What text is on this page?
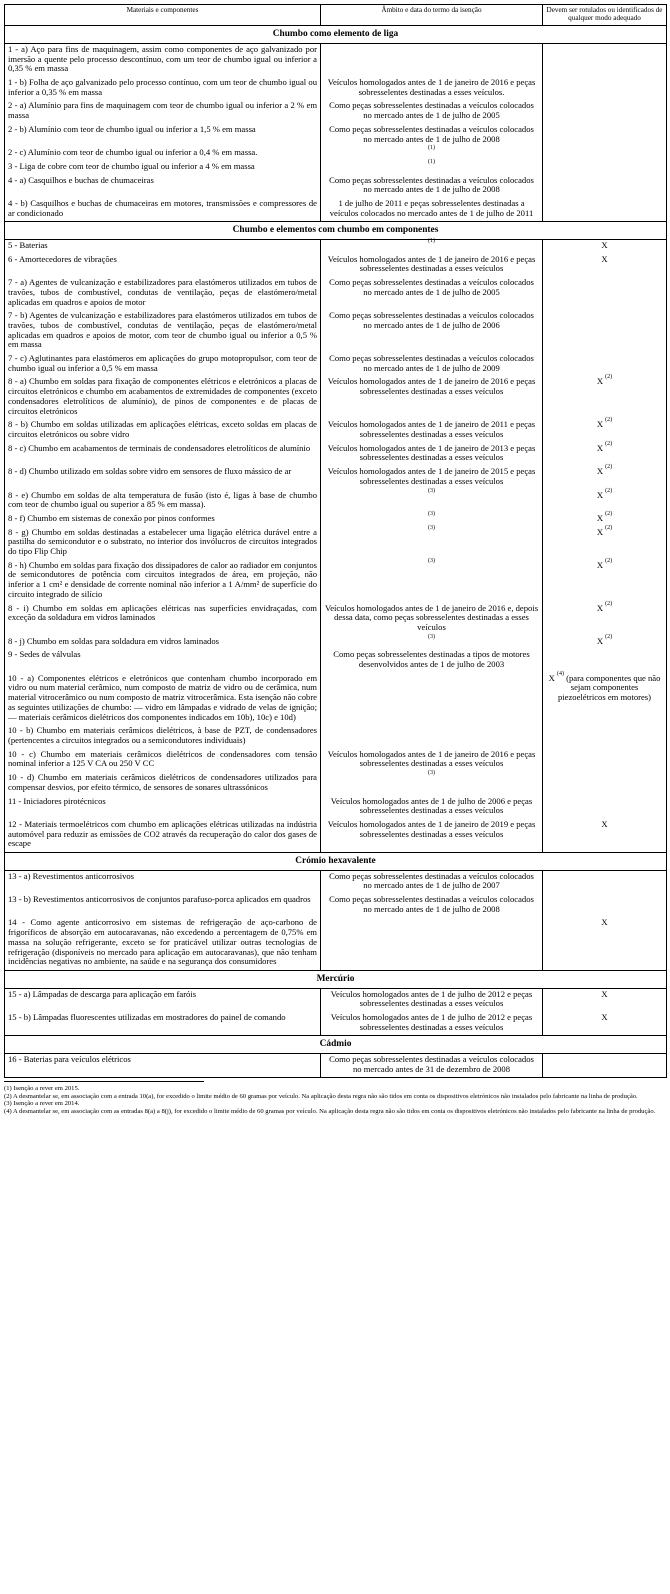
Materiais e componentes	Âmbito e data do termo da isenção	Devem ser rotulados ou identificados de qualquer modo adequado
Chumbo como elemento de liga		
1 - a) Aço para fins de maquinagem, assim como componentes de aço galvanizado por imersão a quente pelo processo descontínuo, com um teor de chumbo igual ou inferior a 0,35 % em massa		
1 - b) Folha de aço galvanizado pelo processo contínuo, com um teor de chumbo igual ou inferior a 0,35 % em massa	Veículos homologados antes de 1 de janeiro de 2016 e peças sobresselentes destinadas a esses veículos.	
2 - a) Alumínio para fins de maquinagem com teor de chumbo igual ou inferior a 2 % em massa	Como peças sobresselentes destinadas a veículos colocados no mercado antes de 1 de julho de 2005	
2 - b) Alumínio com teor de chumbo igual ou inferior a 1,5 % em massa	Como peças sobresselentes destinadas a veículos colocados no mercado antes de 1 de julho de 2008	
2 - c) Alumínio com teor de chumbo igual ou inferior a 0,4 % em massa.	$^{(1)}$	
3 - Liga de cobre com teor de chumbo igual ou inferior a 4 % em massa	$^{(1)}$	
4 - a) Casquilhos e buchas de chumaceiras	Como peças sobresselentes destinadas a veículos colocados no mercado antes de 1 de julho de 2008	
4 - b) Casquilhos e buchas de chumaceiras em motores, transmissões e compressores de ar condicionado	1 de julho de 2011 e peças sobresselentes destinadas a veículos colocados no mercado antes de 1 de julho de 2011	
Chumbo e elementos com chumbo em componentes		
5 - Baterias	$^{(1)}$	X
6 - Amortecedores de vibrações	Veículos homologados antes de 1 de janeiro de 2016 e peças sobresselentes destinadas a esses veículos	X
7 - a) Agentes de vulcanização e estabilizadores para elastómeros utilizados em tubos de travões, tubos de combustível, condutas de ventilação, peças de elastómero/metal aplicadas em quadros e apoios de motor	Como peças sobresselentes destinadas a veículos colocados no mercado antes de 1 de julho de 2005	
7 - b) Agentes de vulcanização e estabilizadores para elastómeros utilizados em tubos de travões, tubos de combustível, condutas de ventilação, peças de elastómero/metal aplicadas em quadros e apoios de motor, com teor de chumbo igual ou inferior a 0,5 % em massa	Como peças sobresselentes destinadas a veículos colocados no mercado antes de 1 de julho de 2006	
7 - c) Aglutinantes para elastómeros em aplicações do grupo motopropulsor, com teor de chumbo igual ou inferior a 0,5 % em massa	Como peças sobresselentes destinadas a veículos colocados no mercado antes de 1 de julho de 2009	
8 - a) Chumbo em soldas para fixação de componentes elétricos e eletrónicos a placas de circuitos eletrónicos e chumbo em acabamentos de extremidades de componentes (exceto condensadores eletrolíticos de alumínio), de pinos de componentes e de placas de circuitos eletrónicos	Veículos homologados antes de 1 de janeiro de 2016 e peças sobresselentes destinadas a esses veículos	X $^{(2)}$
8 - b) Chumbo em soldas utilizadas em aplicações elétricas, exceto soldas em placas de circuitos eletrónicos ou sobre vidro	Veículos homologados antes de 1 de janeiro de 2011 e peças sobresselentes destinadas a esses veículos	X $^{(2)}$
8 - c) Chumbo em acabamentos de terminais de condensadores eletrolíticos de alumínio	Veículos homologados antes de 1 de janeiro de 2013 e peças sobresselentes destinadas a esses veículos	X $^{(2)}$
8 - d) Chumbo utilizado em soldas sobre vidro em sensores de fluxo mássico de ar	Veículos homologados antes de 1 de janeiro de 2015 e peças sobresselentes destinadas a esses veículos	X $^{(2)}$
8 - e) Chumbo em soldas de alta temperatura de fusão (isto é, ligas à base de chumbo com teor de chumbo igual ou superior a 85 % em massa).	$^{(3)}$	X $^{(2)}$
8 - f) Chumbo em sistemas de conexão por pinos conformes	$^{(3)}$	X $^{(2)}$
8 - g) Chumbo em soldas destinadas a estabelecer uma ligação elétrica durável entre a pastilha do semicondutor e o substrato, no interior dos invólucros de circuitos integrados do tipo Flip Chip	$^{(3)}$	X $^{(2)}$
8 - h) Chumbo em soldas para fixação dos dissipadores de calor ao radiador em conjuntos de semicondutores de potência com circuitos integrados de área, em projeção, não inferior a 1 cm² e densidade de corrente nominal não inferior a 1 A/mm² de superfície do circuito integrado de silício	$^{(3)}$	X $^{(2)}$
8 - i) Chumbo em soldas em aplicações elétricas nas superfícies envidraçadas, com exceção da soldadura em vidros laminados	Veículos homologados antes de 1 de janeiro de 2016 e, depois dessa data, como peças sobresselentes destinadas a esses veículos	X $^{(2)}$
8 - j) Chumbo em soldas para soldadura em vidros laminados	$^{(3)}$	X $^{(2)}$
9 - Sedes de válvulas	Como peças sobresselentes destinadas a tipos de motores desenvolvidos antes de 1 de julho de 2003	
10 - a) Componentes elétricos e eletrónicos que contenham chumbo incorporado em vidro ou num material cerâmico, num composto de matriz de vidro ou de cerâmica, num material vitrocerâmico ou num composto de matriz vitrocerâmica. Esta isenção não cobre as seguintes utilizações de chumbo: — vidro em lâmpadas e vidrado de velas de ignição; — materiais cerâmicos dielétricos dos componentes indicados em 10b), 10c) e 10d)		X $^{(4)}$ (para componentes que não sejam componentes piezoelétricos em motores)
10 - b) Chumbo em materiais cerâmicos dielétricos, à base de PZT, de condensadores (pertencentes a circuitos integrados ou a semicondutores individuais)		
10 - c) Chumbo em materiais cerâmicos dielétricos de condensadores com tensão nominal inferior a 125 V CA ou 250 V CC	Veículos homologados antes de 1 de janeiro de 2016 e peças sobresselentes destinadas a esses veículos	
10 - d) Chumbo em materiais cerâmicos dielétricos de condensadores utilizados para compensar desvios, por efeito térmico, de sensores de sonares ultrassónicos	$^{(3)}$	
11 - Iniciadores pirotécnicos	Veículos homologados antes de 1 de julho de 2006 e peças sobresselentes destinadas a esses veículos	
12 - Materiais termoelétricos com chumbo em aplicações elétricas utilizadas na indústria automóvel para reduzir as emissões de CO2 através da recuperação do calor dos gases de escape	Veículos homologados antes de 1 de janeiro de 2019 e peças sobresselentes destinadas a esses veículos	X
Crómio hexavalente		
13 - a) Revestimentos anticorrosivos	Como peças sobresselentes destinadas a veículos colocados no mercado antes de 1 de julho de 2007	
13 - b) Revestimentos anticorrosivos de conjuntos parafuso-porca aplicados em quadros	Como peças sobresselentes destinadas a veículos colocados no mercado antes de 1 de julho de 2008	
14 - Como agente anticorrosivo em sistemas de refrigeração de aço-carbono de frigoríficos de absorção em autocaravanas, não excedendo a percentagem de 0,75% em massa na solução refrigerante, exceto se for praticável utilizar outras tecnologias de refrigeração (disponíveis no mercado para aplicação em autocaravanas), que não tenham incidências negativas no ambiente, na saúde e na segurança dos consumidores		X
Mercúrio		
15 - a) Lâmpadas de descarga para aplicação em faróis	Veículos homologados antes de 1 de julho de 2012 e peças sobresselentes destinadas a esses veículos	X
15 - b) Lâmpadas fluorescentes utilizadas em mostradores do painel de comando	Veículos homologados antes de 1 de julho de 2012 e peças sobresselentes destinadas a esses veículos	X
Cádmio		
16 - Baterias para veículos elétricos	Como peças sobresselentes destinadas a veículos colocados no mercado antes de 31 de dezembro de 2008	
(1) Isenção a rever em 2015.
(2) A desmantelar se, em associação com a entrada 10(a), for excedido o limite médio de 60 gramas por veículo. Na aplicação desta regra não são tidos em conta os dispositivos eletrónicos não instalados pelo fabricante na linha de produção.
(3) Isenção a rever em 2014.
(4) A desmantelar se, em associação com as entradas 8(a) a 8(j), for excedido o limite médio de 60 gramas por veículo. Na aplicação desta regra não são tidos em conta os dispositivos eletrónicos não instalados pelo fabricante na linha de produção.
